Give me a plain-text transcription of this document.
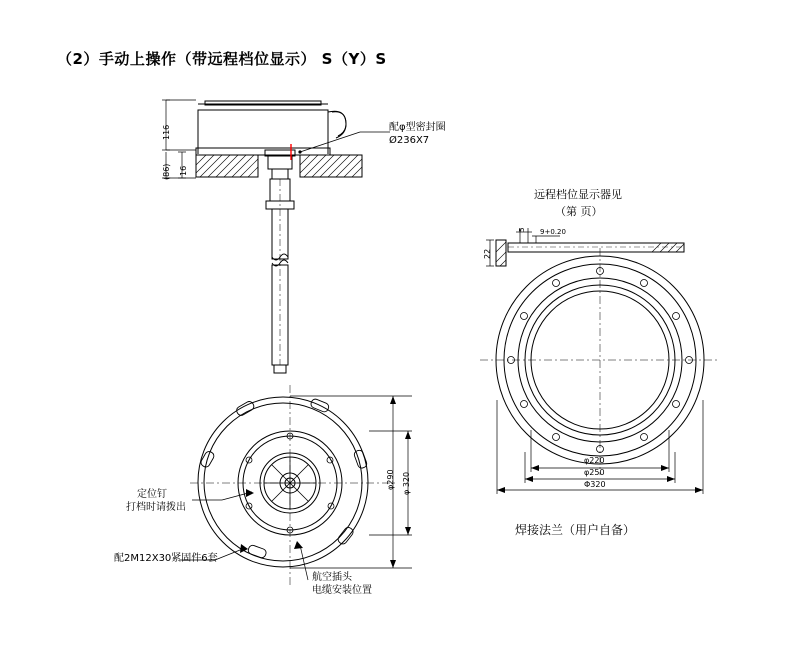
（2）手动上操作（带远程档位显示） S（Y）S
116
(86) 16
配φ型密封圈
Ø236X7
远程档位显示器见
（第 页）
22
5 9+0.20
φ220
φ250
Φ320
焊接法兰（用户自备）
φ290 φ 320
定位钉
打档时请拨出
配2M12X30紧固件6套
航空插头
电缆安装位置
